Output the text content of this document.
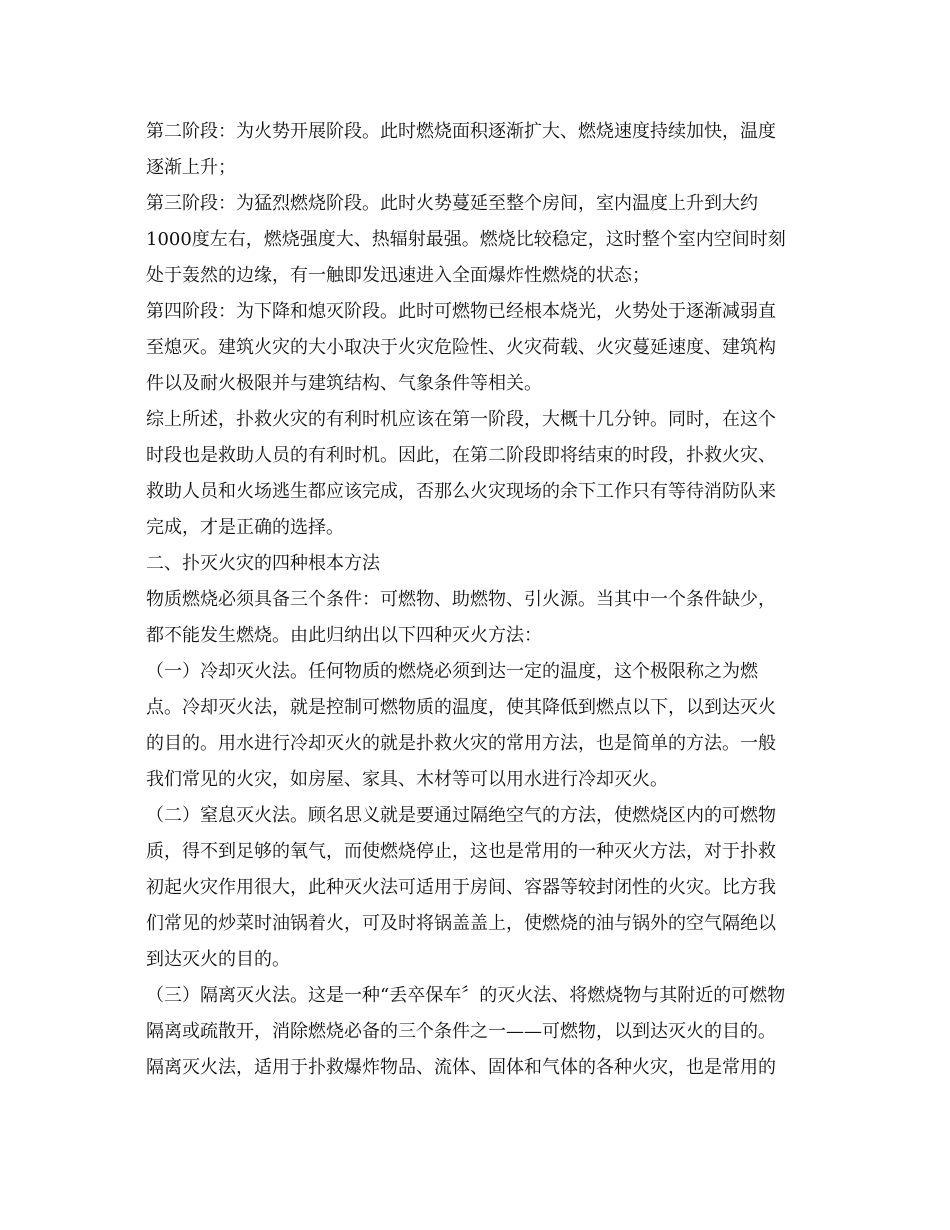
第二阶段：为火势开展阶段。此时燃烧面积逐渐扩大、燃烧速度持续加快，温度
逐渐上升；
第三阶段：为猛烈燃烧阶段。此时火势蔓延至整个房间，室内温度上升到大约
1000度左右，燃烧强度大、热辐射最强。燃烧比较稳定，这时整个室内空间时刻
处于轰然的边缘，有一触即发迅速进入全面爆炸性燃烧的状态；
第四阶段：为下降和熄灭阶段。此时可燃物已经根本烧光，火势处于逐渐减弱直
至熄灭。建筑火灾的大小取决于火灾危险性、火灾荷载、火灾蔓延速度、建筑构
件以及耐火极限并与建筑结构、气象条件等相关。
综上所述，扑救火灾的有利时机应该在第一阶段，大概十几分钟。同时，在这个
时段也是救助人员的有利时机。因此，在第二阶段即将结束的时段，扑救火灾、
救助人员和火场逃生都应该完成，否那么火灾现场的余下工作只有等待消防队来
完成，才是正确的选择。
二、扑灭火灾的四种根本方法
物质燃烧必须具备三个条件：可燃物、助燃物、引火源。当其中一个条件缺少，
都不能发生燃烧。由此归纳出以下四种灭火方法：
（一）冷却灭火法。任何物质的燃烧必须到达一定的温度，这个极限称之为燃
点。冷却灭火法，就是控制可燃物质的温度，使其降低到燃点以下，以到达灭火
的目的。用水进行冷却灭火的就是扑救火灾的常用方法，也是简单的方法。一般
我们常见的火灾，如房屋、家具、木材等可以用水进行冷却灭火。
（二）窒息灭火法。顾名思义就是要通过隔绝空气的方法，使燃烧区内的可燃物
质，得不到足够的氧气，而使燃烧停止，这也是常用的一种灭火方法，对于扑救
初起火灾作用很大，此种灭火法可适用于房间、容器等较封闭性的火灾。比方我
们常见的炒菜时油锅着火，可及时将锅盖盖上，使燃烧的油与锅外的空气隔绝以
到达灭火的目的。
（三）隔离灭火法。这是一种“丢卒保车〞的灭火法、将燃烧物与其附近的可燃物
隔离或疏散开，消除燃烧必备的三个条件之一——可燃物，以到达灭火的目的。
隔离灭火法，适用于扑救爆炸物品、流体、固体和气体的各种火灾，也是常用的
